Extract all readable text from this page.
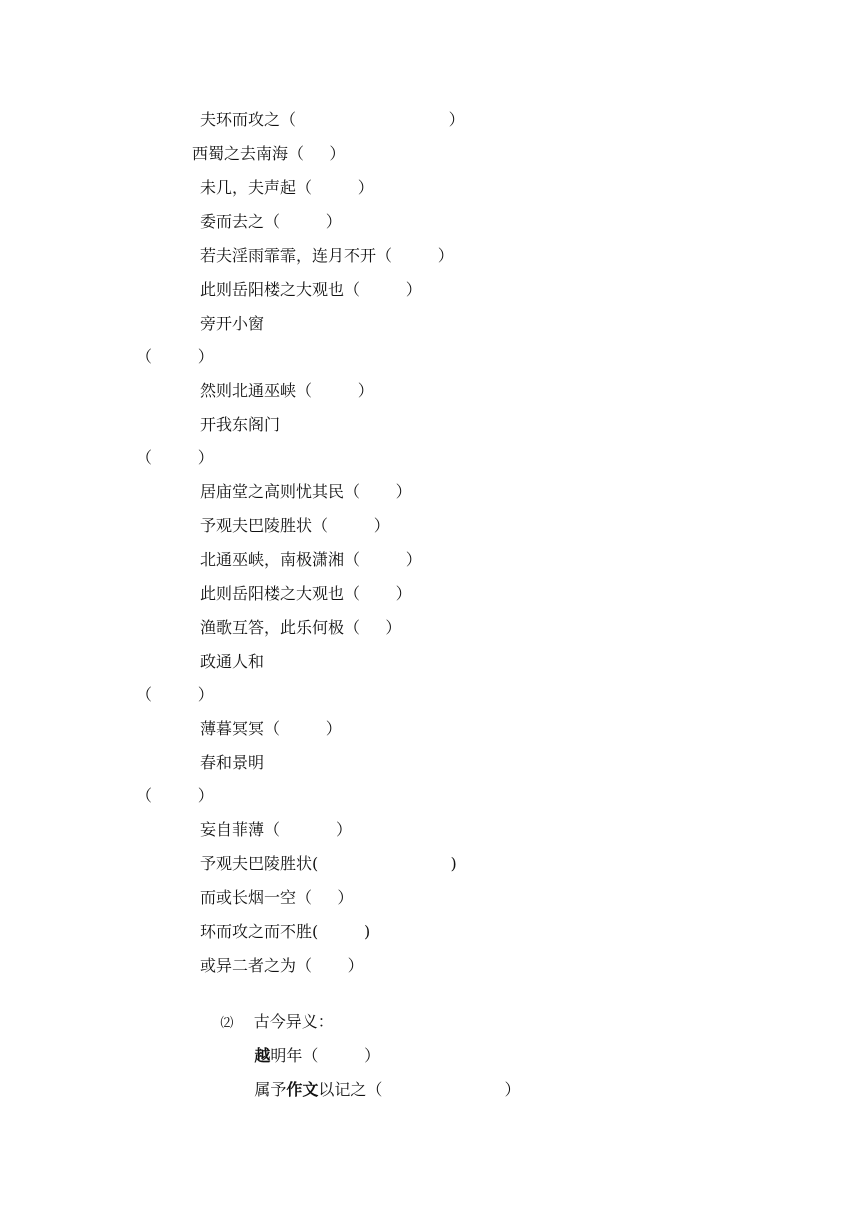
夫环而攻之（                              ）
西蜀之去南海（     ）
未几，夫声起（         ）
委而去之（         ）
若夫淫雨霏霏，连月不开（         ）
此则岳阳楼之大观也（         ）
旁开小窗
（         ）
然则北通巫峡（         ）
开我东阁门
（         ）
居庙堂之高则忧其民（       ）
予观夫巴陵胜状（         ）
北通巫峡，南极潇湘（         ）
此则岳阳楼之大观也（       ）
渔歌互答，此乐何极（     ）
政通人和
（         ）
薄暮冥冥（         ）
春和景明
（         ）
妄自菲薄（           ）
予观夫巴陵胜状(                          )
而或长烟一空（     ）
环而攻之而不胜(         )
或异二者之为（       ）

⑵ 古今异义：

越明年（         ）

属予作文以记之（                        ）
